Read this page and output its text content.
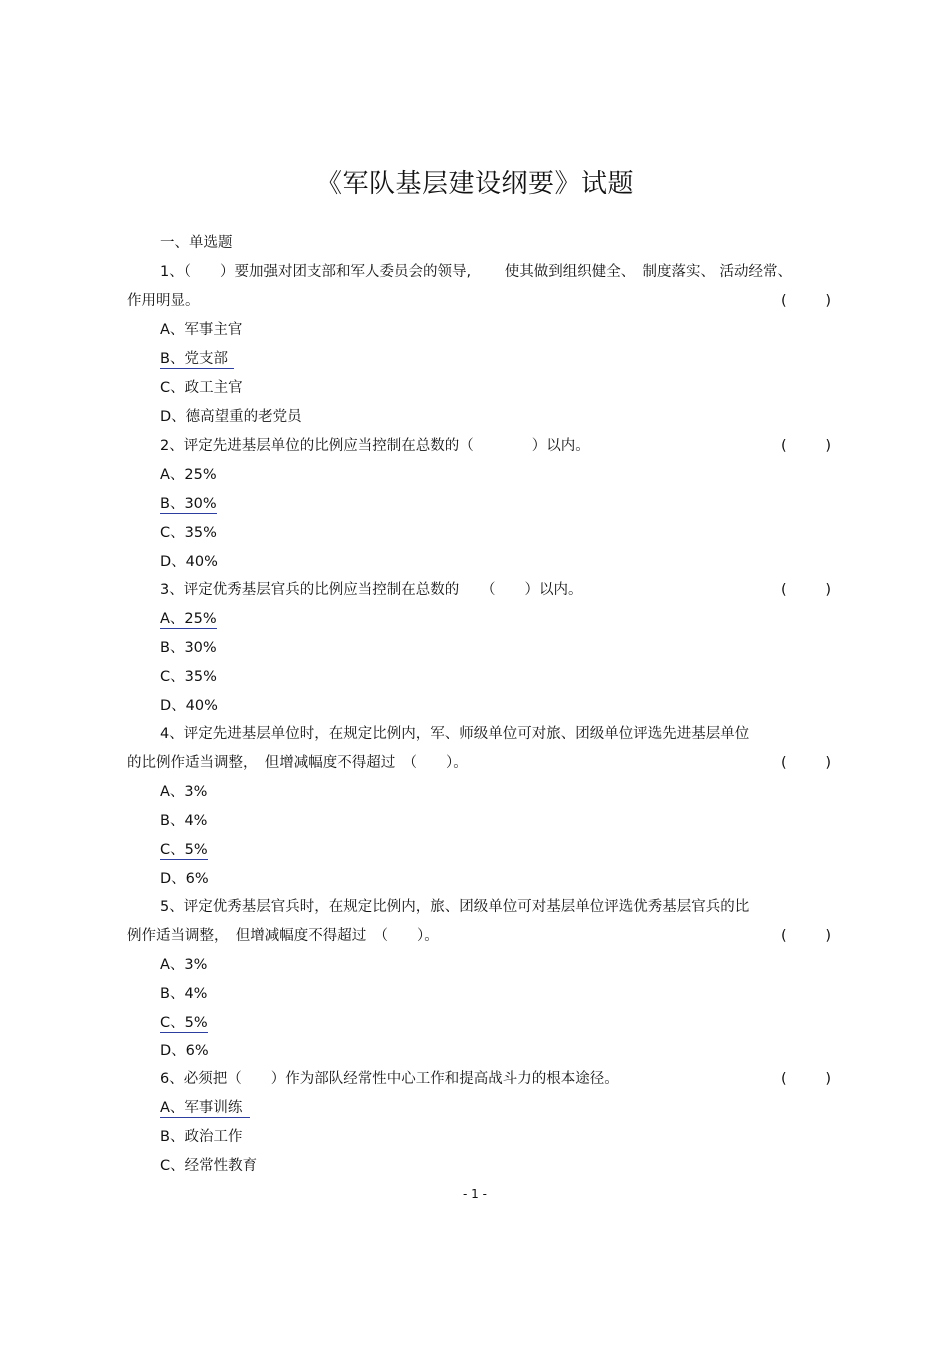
《军队基层建设纲要》试题
一、单选题
1、（　　）要加强对团支部和军人委员会的领导,　　 使其做到组织健全、　制度落实、 活动经常、
作用明显。	(	)
A、军事主官
B、党支部
C、政工主官
D、德高望重的老党员
2、评定先进基层单位的比例应当控制在总数的（　　　　）以内。	(	)
A、25%
B、30%
C、35%
D、40%
3、评定优秀基层官兵的比例应当控制在总数的　　（　　）以内。	(	)
A、25%
B、30%
C、35%
D、40%
4、评定先进基层单位时，在规定比例内，军、师级单位可对旅、团级单位评选先进基层单位
的比例作适当调整，　但增减幅度不得超过　（　　）。	(	)
A、3%
B、4%
C、5%
D、6%
5、评定优秀基层官兵时，在规定比例内，旅、团级单位可对基层单位评选优秀基层官兵的比
例作适当调整，　但增减幅度不得超过　（　　）。	(	)
A、3%
B、4%
C、5%
D、6%
6、必须把（　　）作为部队经常性中心工作和提高战斗力的根本途径。	(	)
A、军事训练
B、政治工作
C、经常性教育
- 1 -
